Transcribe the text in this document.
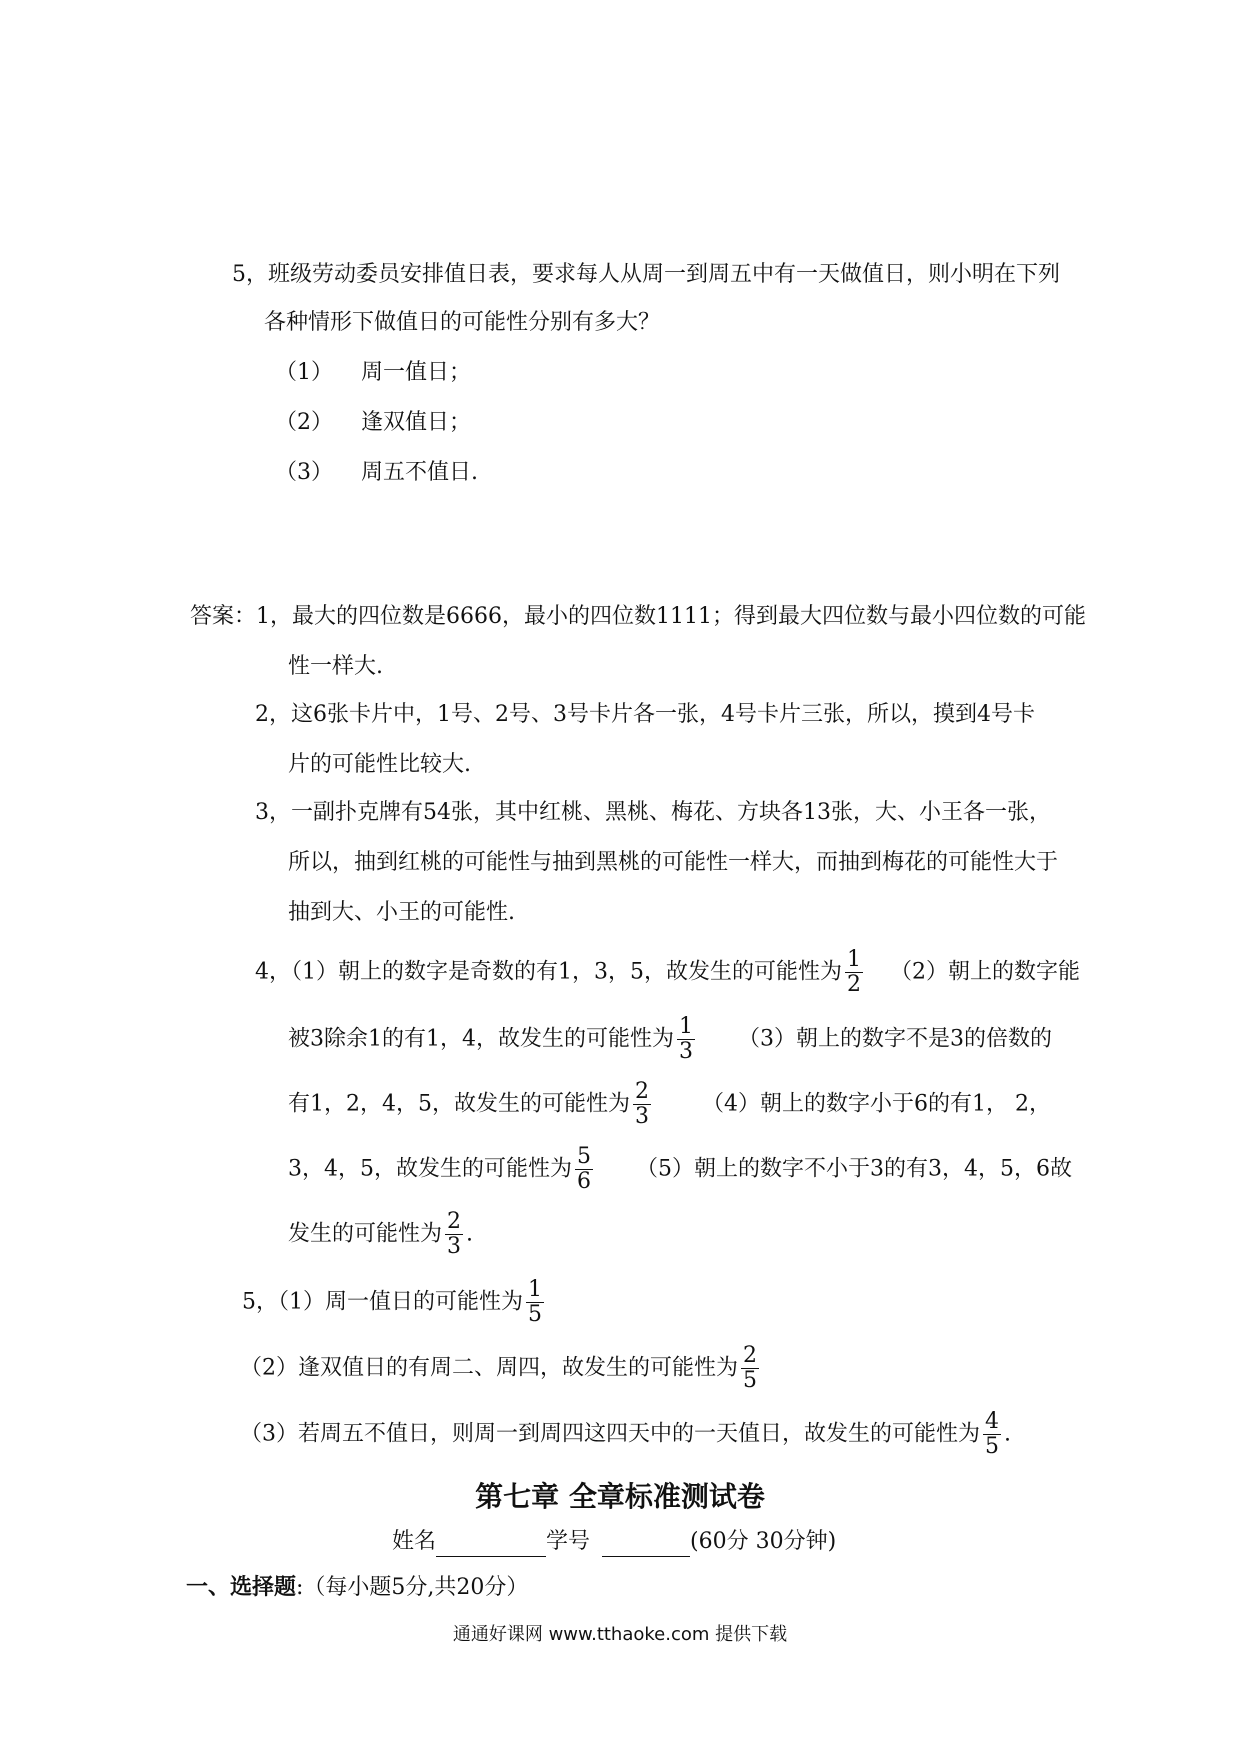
5，班级劳动委员安排值日表，要求每人从周一到周五中有一天做值日，则小明在下列
各种情形下做值日的可能性分别有多大？
（1） 周一值日；
（2） 逢双值日；
（3） 周五不值日.
答案：1，最大的四位数是6666，最小的四位数1111；得到最大四位数与最小四位数的可能
性一样大.
2，这6张卡片中，1号、2号、3号卡片各一张，4号卡片三张，所以，摸到4号卡
片的可能性比较大.
3，一副扑克牌有54张，其中红桃、黑桃、梅花、方块各13张，大、小王各一张，
所以，抽到红桃的可能性与抽到黑桃的可能性一样大，而抽到梅花的可能性大于
抽到大、小王的可能性.
4，（1）朝上的数字是奇数的有1，3，5，故发生的可能性为 $\frac{1}{2} (2)$朝上的数字能
被3除余1的有1，4，故发生的可能性为 $\frac{1}{3} (3)$朝上的数字不是3的倍数的
有1，2，4，5，故发生的可能性为 $\frac{2}{3} (4)$朝上的数字小于6的有1， 2，
3，4，5，故发生的可能性为 $\frac{5}{6} (5)$朝上的数字不小于3的有3，4，5，6故
发生的可能性为 $\frac{2}{3}$ .
5，（1）周一值日的可能性为 $\frac{1}{5}$
（2）逢双值日的有周二、周四，故发生的可能性为 $\frac{2}{5}$
（3）若周五不值日，则周一到周四这四天中的一天值日，故发生的可能性为 $\frac{4}{5}$ .
第七章 全章标准测试卷
姓名	学号	(60分 30分钟)
一、选择题:（每小题5分,共20分）
通通好课网 www.tthaoke.com 提供下载
